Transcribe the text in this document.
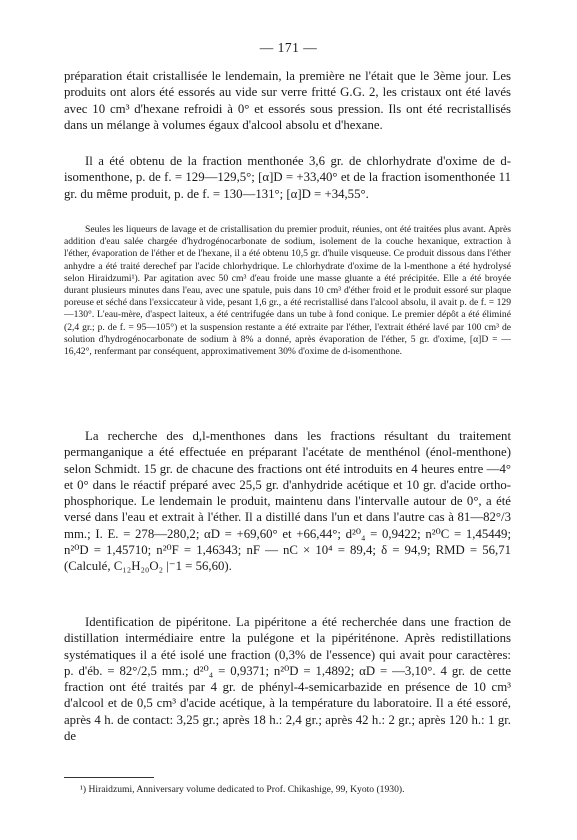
— 171 —

préparation était cristallisée le lendemain, la première ne l'était que le 3ème jour. Les produits ont alors été essorés au vide sur verre fritté G.G. 2, les cristaux ont été lavés avec 10 cm³ d'hexane refroidi à 0° et essorés sous pression. Ils ont été recristallisés dans un mélange à volumes égaux d'alcool absolu et d'hexane.

Il a été obtenu de la fraction menthonée 3,6 gr. de chlorhydrate d'oxime de d-isomenthone, p. de f. = 129—129,5°; [α]D = +33,40° et de la fraction isomenthonée 11 gr. du même produit, p. de f. = 130—131°; [α]D = +34,55°.

Seules les liqueurs de lavage et de cristallisation du premier produit, réunies, ont été traitées plus avant. Après addition d'eau salée chargée d'hydrogénocarbonate de sodium, isolement de la couche hexanique, extraction à l'éther, évaporation de l'éther et de l'hexane, il a été obtenu 10,5 gr. d'huile visqueuse. Ce produit dissous dans l'éther anhydre a été traité derechef par l'acide chlorhydrique. Le chlorhydrate d'oxime de la l-menthone a été hydrolysé selon Hiraidzumi¹). Par agitation avec 50 cm³ d'eau froide une masse gluante a été précipitée. Elle a été broyée durant plusieurs minutes dans l'eau, avec une spatule, puis dans 10 cm³ d'éther froid et le produit essoré sur plaque poreuse et séché dans l'exsiccateur à vide, pesant 1,6 gr., a été recristallisé dans l'alcool absolu, il avait p. de f. = 129—130°. L'eau-mère, d'aspect laiteux, a été centrifugée dans un tube à fond conique. Le premier dépôt a été éliminé (2,4 gr.; p. de f. = 95—105°) et la suspension restante a été extraite par l'éther, l'extrait éthéré lavé par 100 cm³ de solution d'hydrogénocarbonate de sodium à 8% a donné, après évaporation de l'éther, 5 gr. d'oxime, [α]D = —16,42°, renfermant par conséquent, approximativement 30% d'oxime de d-isomenthone.

La recherche des d,l-menthones dans les fractions résultant du traitement permanganique a été effectuée en préparant l'acétate de menthénol (énol-menthone) selon Schmidt. 15 gr. de chacune des fractions ont été introduits en 4 heures entre —4° et 0° dans le réactif préparé avec 25,5 gr. d'anhydride acétique et 10 gr. d'acide ortho-phosphorique. Le lendemain le produit, maintenu dans l'intervalle autour de 0°, a été versé dans l'eau et extrait à l'éther. Il a distillé dans l'un et dans l'autre cas à 81—82°/3 mm.; I. E. = 278—280,2; αD = +69,60° et +66,44°; d²⁰₄ = 0,9422; n²⁰C = 1,45449; n²⁰D = 1,45710; n²⁰F = 1,46343; nF — nC × 10⁴ = 89,4; δ = 94,9; RMD = 56,71 (Calculé, C₁₂H₂₀O₂ |⁻1 = 56,60).

Identification de pipéritone. La pipéritone a été recherchée dans une fraction de distillation intermédiaire entre la pulégone et la pipériténone. Après redistillations systématiques il a été isolé une fraction (0,3% de l'essence) qui avait pour caractères: p. d'éb. = 82°/2,5 mm.; d²⁰₄ = 0,9371; n²⁰D = 1,4892; αD = —3,10°. 4 gr. de cette fraction ont été traités par 4 gr. de phényl-4-semicarbazide en présence de 10 cm³ d'alcool et de 0,5 cm³ d'acide acétique, à la température du laboratoire. Il a été essoré, après 4 h. de contact: 3,25 gr.; après 18 h.: 2,4 gr.; après 42 h.: 2 gr.; après 120 h.: 1 gr. de

¹) Hiraidzumi, Anniversary volume dedicated to Prof. Chikashige, 99, Kyoto (1930).
